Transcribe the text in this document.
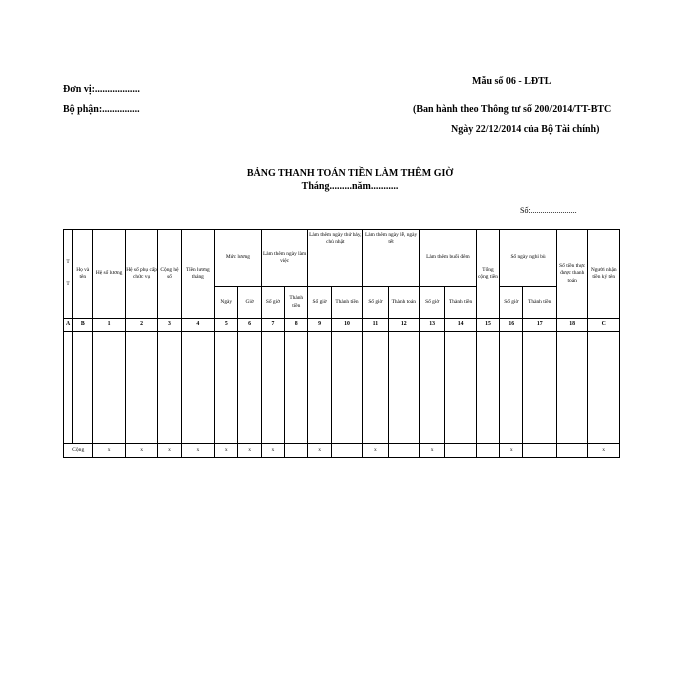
Đơn vị:..................
Bộ phận:...............
Mẫu số 06 - LĐTL
(Ban hành theo Thông tư số 200/2014/TT-BTC
Ngày 22/12/2014 của Bộ Tài chính)
BẢNG THANH TOÁN TIỀN LÀM THÊM GIỜ
Tháng.........năm...........
Số:.......................
T

T	Họ và tên	Hệ số lương	Hệ số phụ cấp chức vụ	Cộng hệ số	Tiền lương tháng	Mức lương		Làm thêm ngày làm việc		Làm thêm ngày thứ bảy, chủ nhật		Làm thêm ngày lễ, ngày tết		Làm thêm buổi đêm		Tổng cộng tiền	Số ngày nghỉ bù		Số tiền thực được thanh toán	Người nhận tiền ký tên
						Ngày	Giờ	Số giờ	Thành tiền	Số giờ	Thành tiền	Số giờ	Thành toán	Số giờ	Thành tiền		Số giờ	Thành tiền		
A	B	1	2	3	4	5	6	7	8	9	10	11	12	13	14	15	16	17	18	C

Cộng		x	x	x	x	x	x	x		x		x		x			x			x
